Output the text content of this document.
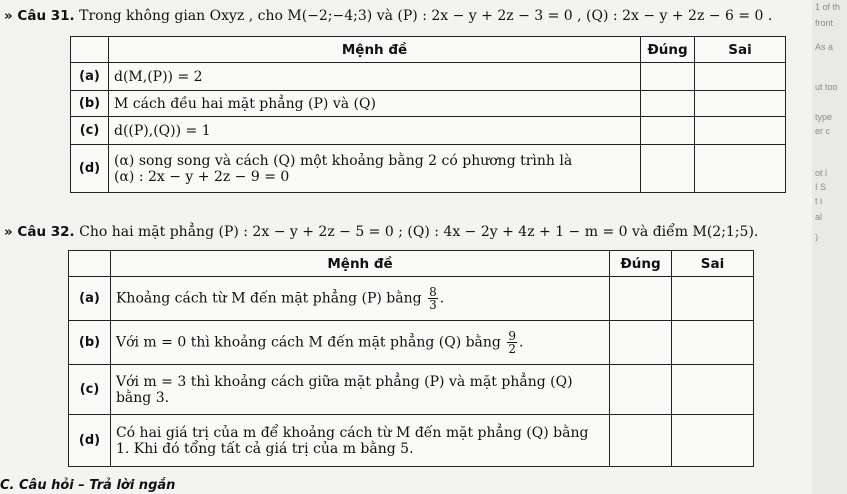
» Câu 31. Trong không gian Oxyz , cho M(−2;−4;3) và (P) : 2x − y + 2z − 3 = 0 , (Q) : 2x − y + 2z − 6 = 0 .
	Mệnh đề	Đúng	Sai
(a)	d(M,(P)) = 2		
(b)	M cách đều hai mặt phẳng (P) và (Q)		
(c)	d((P),(Q)) = 1		
(d)	(α) song song và cách (Q) một khoảng bằng 2 có phương trình là
(α) : 2x − y + 2z − 9 = 0		

» Câu 32. Cho hai mặt phẳng (P) : 2x − y + 2z − 5 = 0 ; (Q) : 4x − 2y + 4z + 1 − m = 0 và điểm M(2;1;5).
	Mệnh đề	Đúng	Sai
(a)	Khoảng cách từ M đến mặt phẳng (P) bằng $\frac{8}{3}$ .		
(b)	Với m = 0 thì khoảng cách M đến mặt phẳng (Q) bằng $\frac{9}{2}$ .		
(c)	Với m = 3 thì khoảng cách giữa mặt phẳng (P) và mặt phẳng (Q)
bằng 3.		

(d)	Có hai giá trị của m để khoảng cách từ M đến mặt phẳng (Q) bằng
1. Khi đó tổng tất cả giá trị của m bằng 5.		

C. Câu hỏi – Trả lời ngắn
1 of th
front
As a
ut too
type
er c
ot l
I S
t i
al
)
